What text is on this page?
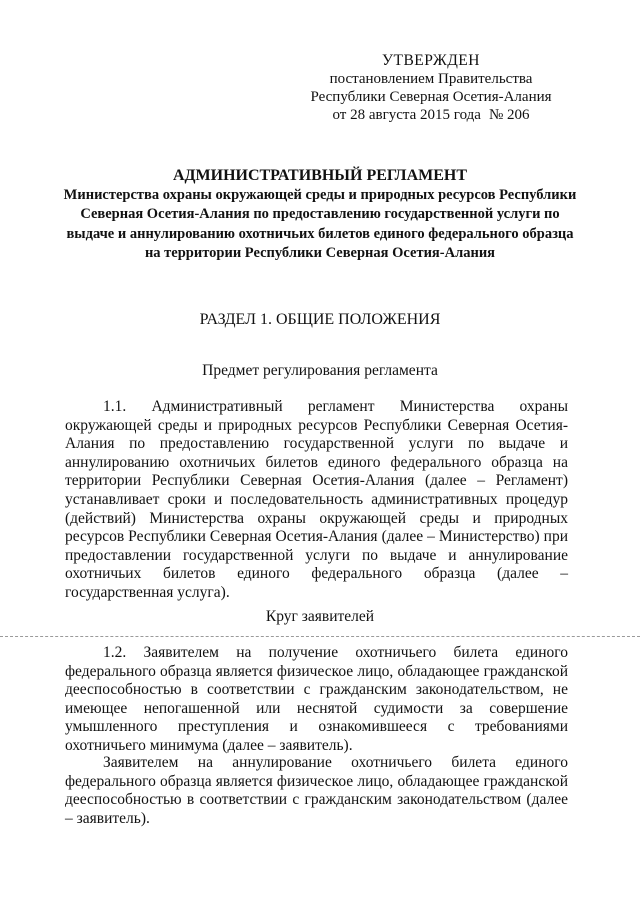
УТВЕРЖДЕН
постановлением Правительства
Республики Северная Осетия-Алания
от 28 августа 2015 года № 206
АДМИНИСТРАТИВНЫЙ РЕГЛАМЕНТ
Министерства охраны окружающей среды и природных ресурсов Республики Северная Осетия-Алания по предоставлению государственной услуги по выдаче и аннулированию охотничьих билетов единого федерального образца на территории Республики Северная Осетия-Алания
РАЗДЕЛ 1. ОБЩИЕ ПОЛОЖЕНИЯ
Предмет регулирования регламента
1.1. Административный регламент Министерства охраны окружающей среды и природных ресурсов Республики Северная Осетия-Алания по предоставлению государственной услуги по выдаче и аннулированию охотничьих билетов единого федерального образца на территории Республики Северная Осетия-Алания (далее – Регламент) устанавливает сроки и последовательность административных процедур (действий) Министерства охраны окружающей среды и природных ресурсов Республики Северная Осетия-Алания (далее – Министерство) при предоставлении государственной услуги по выдаче и аннулирование охотничьих билетов единого федерального образца (далее – государственная услуга).
Круг заявителей
1.2. Заявителем на получение охотничьего билета единого федерального образца является физическое лицо, обладающее гражданской дееспособностью в соответствии с гражданским законодательством, не имеющее непогашенной или неснятой судимости за совершение умышленного преступления и ознакомившееся с требованиями охотничьего минимума (далее – заявитель).
Заявителем на аннулирование охотничьего билета единого федерального образца является физическое лицо, обладающее гражданской дееспособностью в соответствии с гражданским законодательством (далее – заявитель).
